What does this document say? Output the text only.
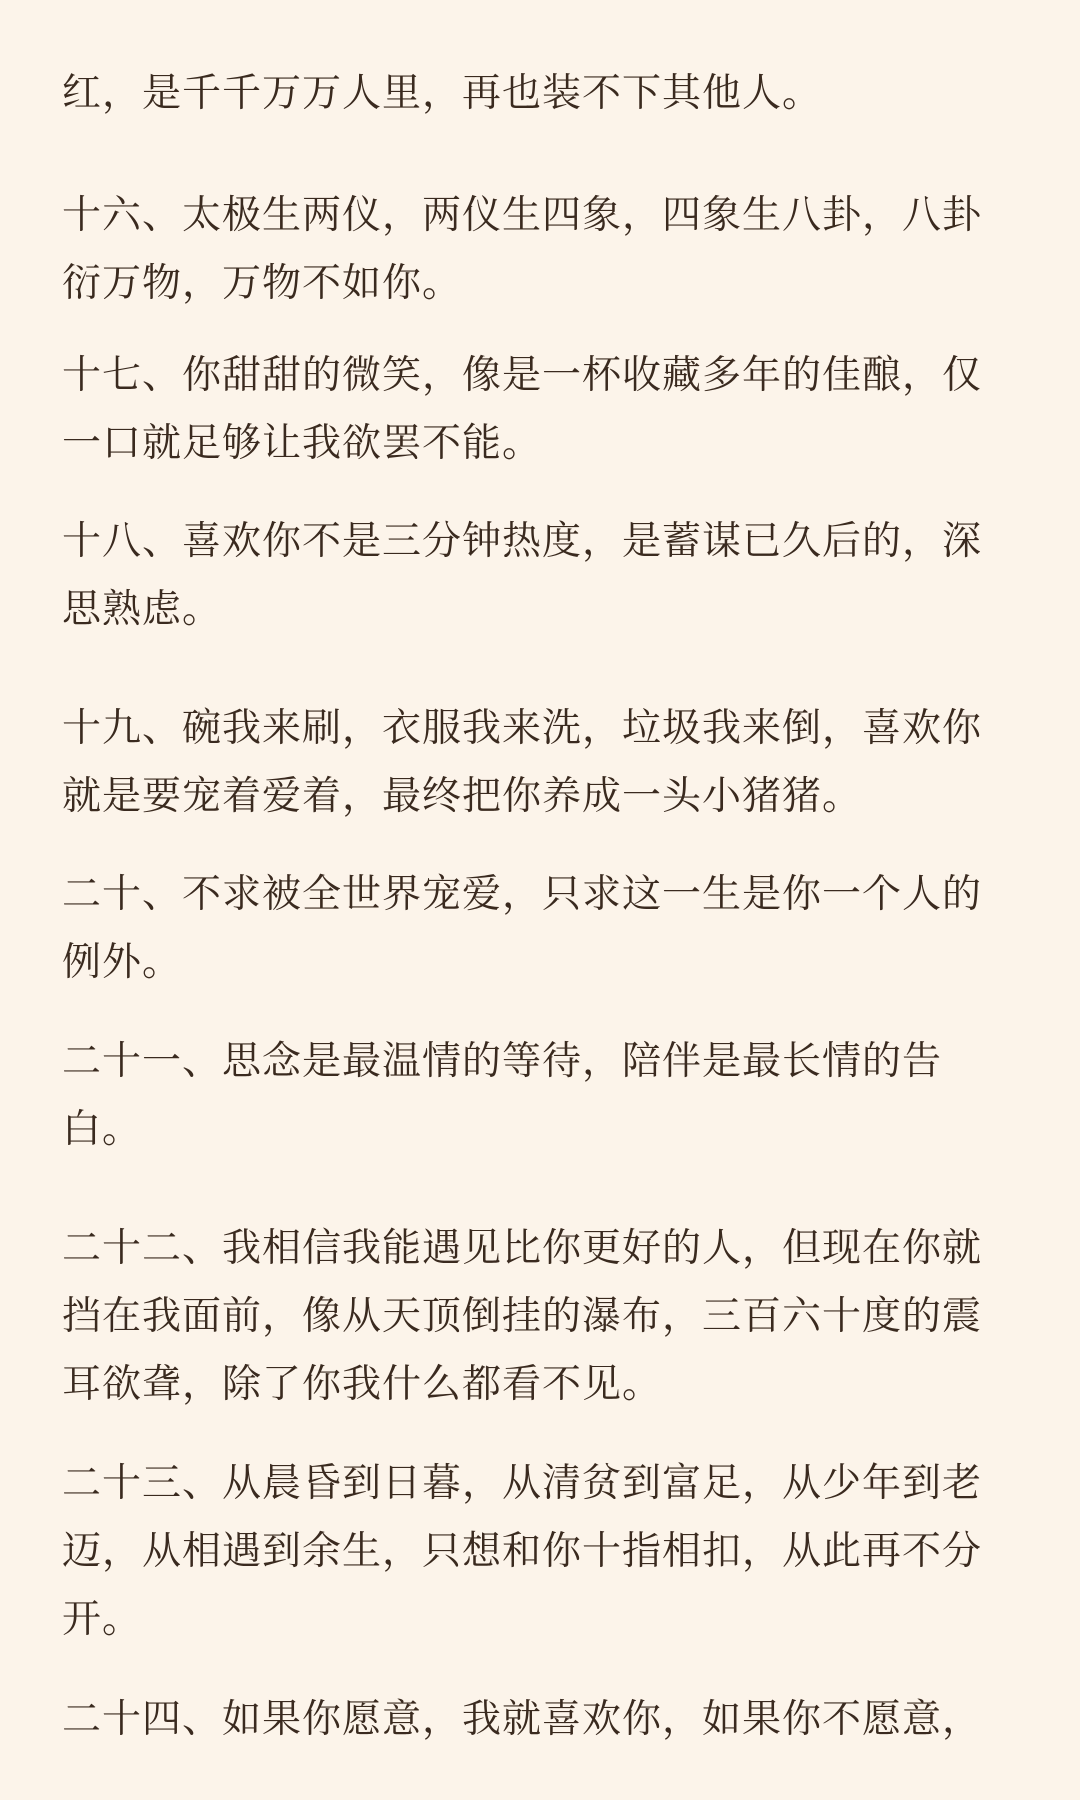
红，是千千万万人里，再也装不下其他人。

十六、太极生两仪，两仪生四象，四象生八卦，八卦衍万物，万物不如你。

十七、你甜甜的微笑，像是一杯收藏多年的佳酿，仅一口就足够让我欲罢不能。

十八、喜欢你不是三分钟热度，是蓄谋已久后的，深思熟虑。

十九、碗我来刷，衣服我来洗，垃圾我来倒，喜欢你就是要宠着爱着，最终把你养成一头小猪猪。

二十、不求被全世界宠爱，只求这一生是你一个人的例外。

二十一、思念是最温情的等待，陪伴是最长情的告白。

二十二、我相信我能遇见比你更好的人，但现在你就挡在我面前，像从天顶倒挂的瀑布，三百六十度的震耳欲聋，除了你我什么都看不见。

二十三、从晨昏到日暮，从清贫到富足，从少年到老迈，从相遇到余生，只想和你十指相扣，从此再不分开。

二十四、如果你愿意，我就喜欢你，如果你不愿意，
